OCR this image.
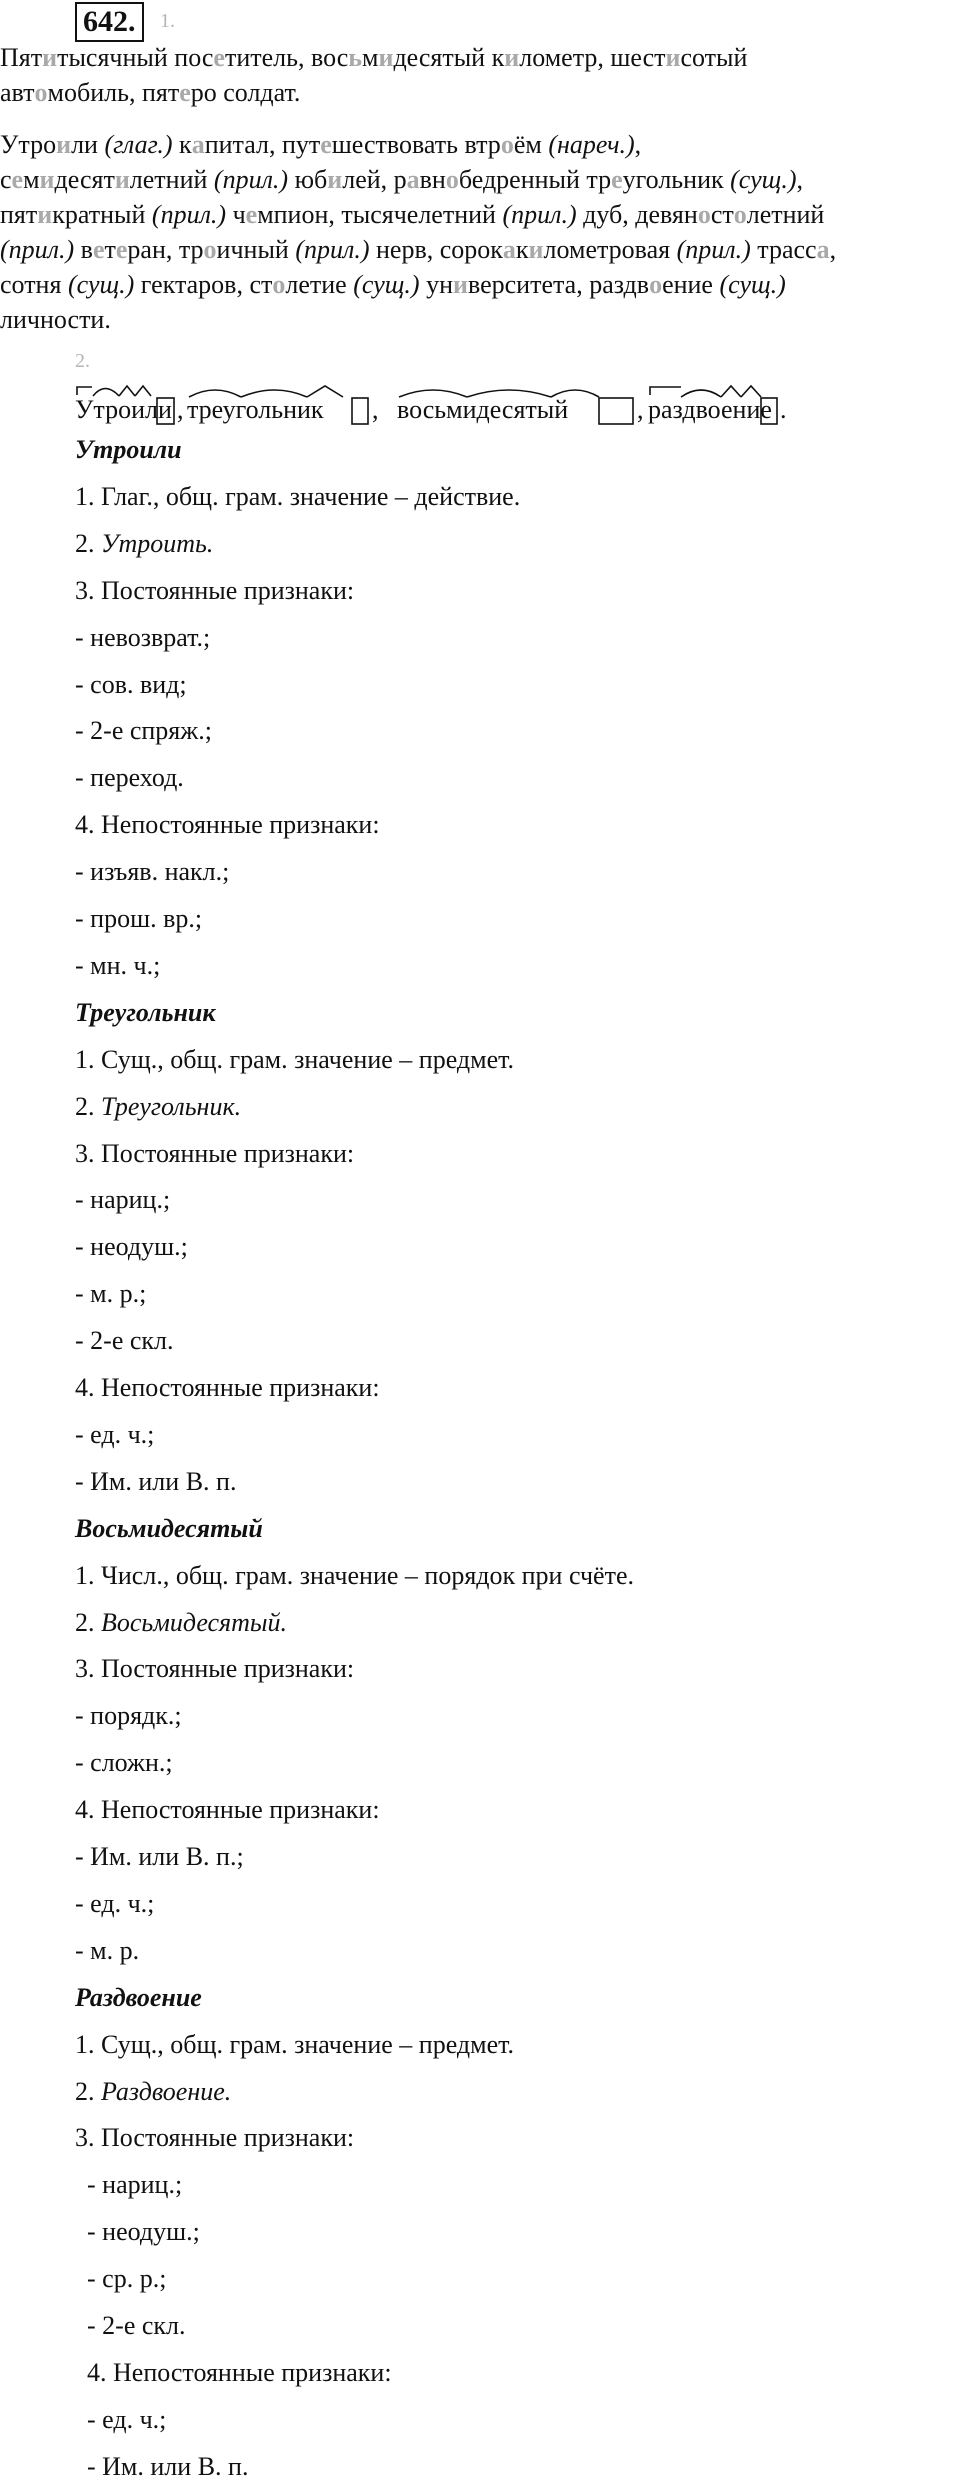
642.	1.
Пятитысячный посетитель, восьмидесятый километр, шестисотый
автомобиль, пятеро солдат.
Утроили (глаг.) капитал, путешествовать втроём (нареч.),
семидесятилетний (прил.) юбилей, равнобедренный треугольник (сущ.),
пятикратный (прил.) чемпион, тысячелетний (прил.) дуб, девяностолетний
(прил.) ветеран, троичный (прил.) нерв, сорокакилометровая (прил.) трасса,
сотня (сущ.) гектаров, столетие (сущ.) университета, раздвоение (сущ.)
личности.
2.
Утроили , треугольник , восьмидесятый	, раздвоение .
Утроили
1. Глаг., общ. грам. значение – действие.
2. Утроить.
3. Постоянные признаки:
- невозврат.;
- сов. вид;
- 2-е спряж.;
- переход.
4. Непостоянные признаки:
- изъяв. накл.;
- прош. вр.;
- мн. ч.;
Треугольник
1. Сущ., общ. грам. значение – предмет.
2. Треугольник.
3. Постоянные признаки:
- нариц.;
- неодуш.;
- м. р.;
- 2-е скл.
4. Непостоянные признаки:
- ед. ч.;
- Им. или В. п.
Восьмидесятый
1. Числ., общ. грам. значение – порядок при счёте.
2. Восьмидесятый.
3. Постоянные признаки:
- порядк.;
- сложн.;
4. Непостоянные признаки:
- Им. или В. п.;
- ед. ч.;
- м. р.
Раздвоение
1. Сущ., общ. грам. значение – предмет.
2. Раздвоение.
3. Постоянные признаки:
- нариц.;
- неодуш.;
- ср. р.;
- 2-е скл.
4. Непостоянные признаки:
- ед. ч.;
- Им. или В. п.
